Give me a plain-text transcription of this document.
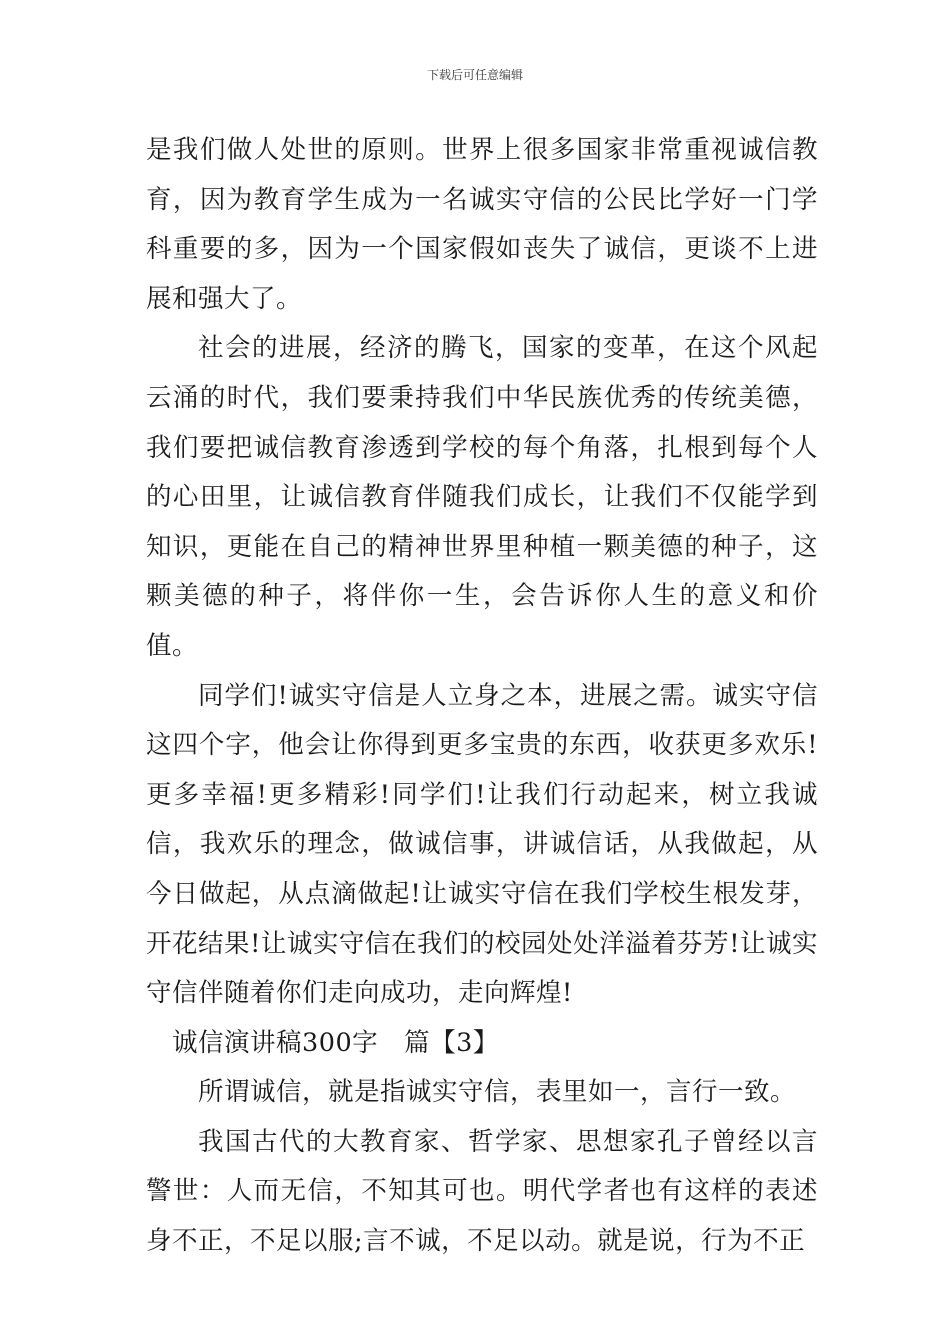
下载后可任意编辑

是我们做人处世的原则。世界上很多国家非常重视诚信教育，因为教育学生成为一名诚实守信的公民比学好一门学科重要的多，因为一个国家假如丧失了诚信，更谈不上进展和强大了。

社会的进展，经济的腾飞，国家的变革，在这个风起云涌的时代，我们要秉持我们中华民族优秀的传统美德，我们要把诚信教育渗透到学校的每个角落，扎根到每个人的心田里，让诚信教育伴随我们成长，让我们不仅能学到知识，更能在自己的精神世界里种植一颗美德的种子，这颗美德的种子，将伴你一生，会告诉你人生的意义和价值。

同学们!诚实守信是人立身之本，进展之需。诚实守信这四个字，他会让你得到更多宝贵的东西，收获更多欢乐!更多幸福!更多精彩!同学们!让我们行动起来，树立我诚信，我欢乐的理念，做诚信事，讲诚信话，从我做起，从今日做起，从点滴做起!让诚实守信在我们学校生根发芽，开花结果!让诚实守信在我们的校园处处洋溢着芬芳!让诚实守信伴随着你们走向成功，走向辉煌!

诚信演讲稿300字　篇【3】

所谓诚信，就是指诚实守信，表里如一，言行一致。

我国古代的大教育家、哲学家、思想家孔子曾经以言警世：人而无信，不知其可也。明代学者也有这样的表述身不正，不足以服;言不诚，不足以动。就是说，行为不正
